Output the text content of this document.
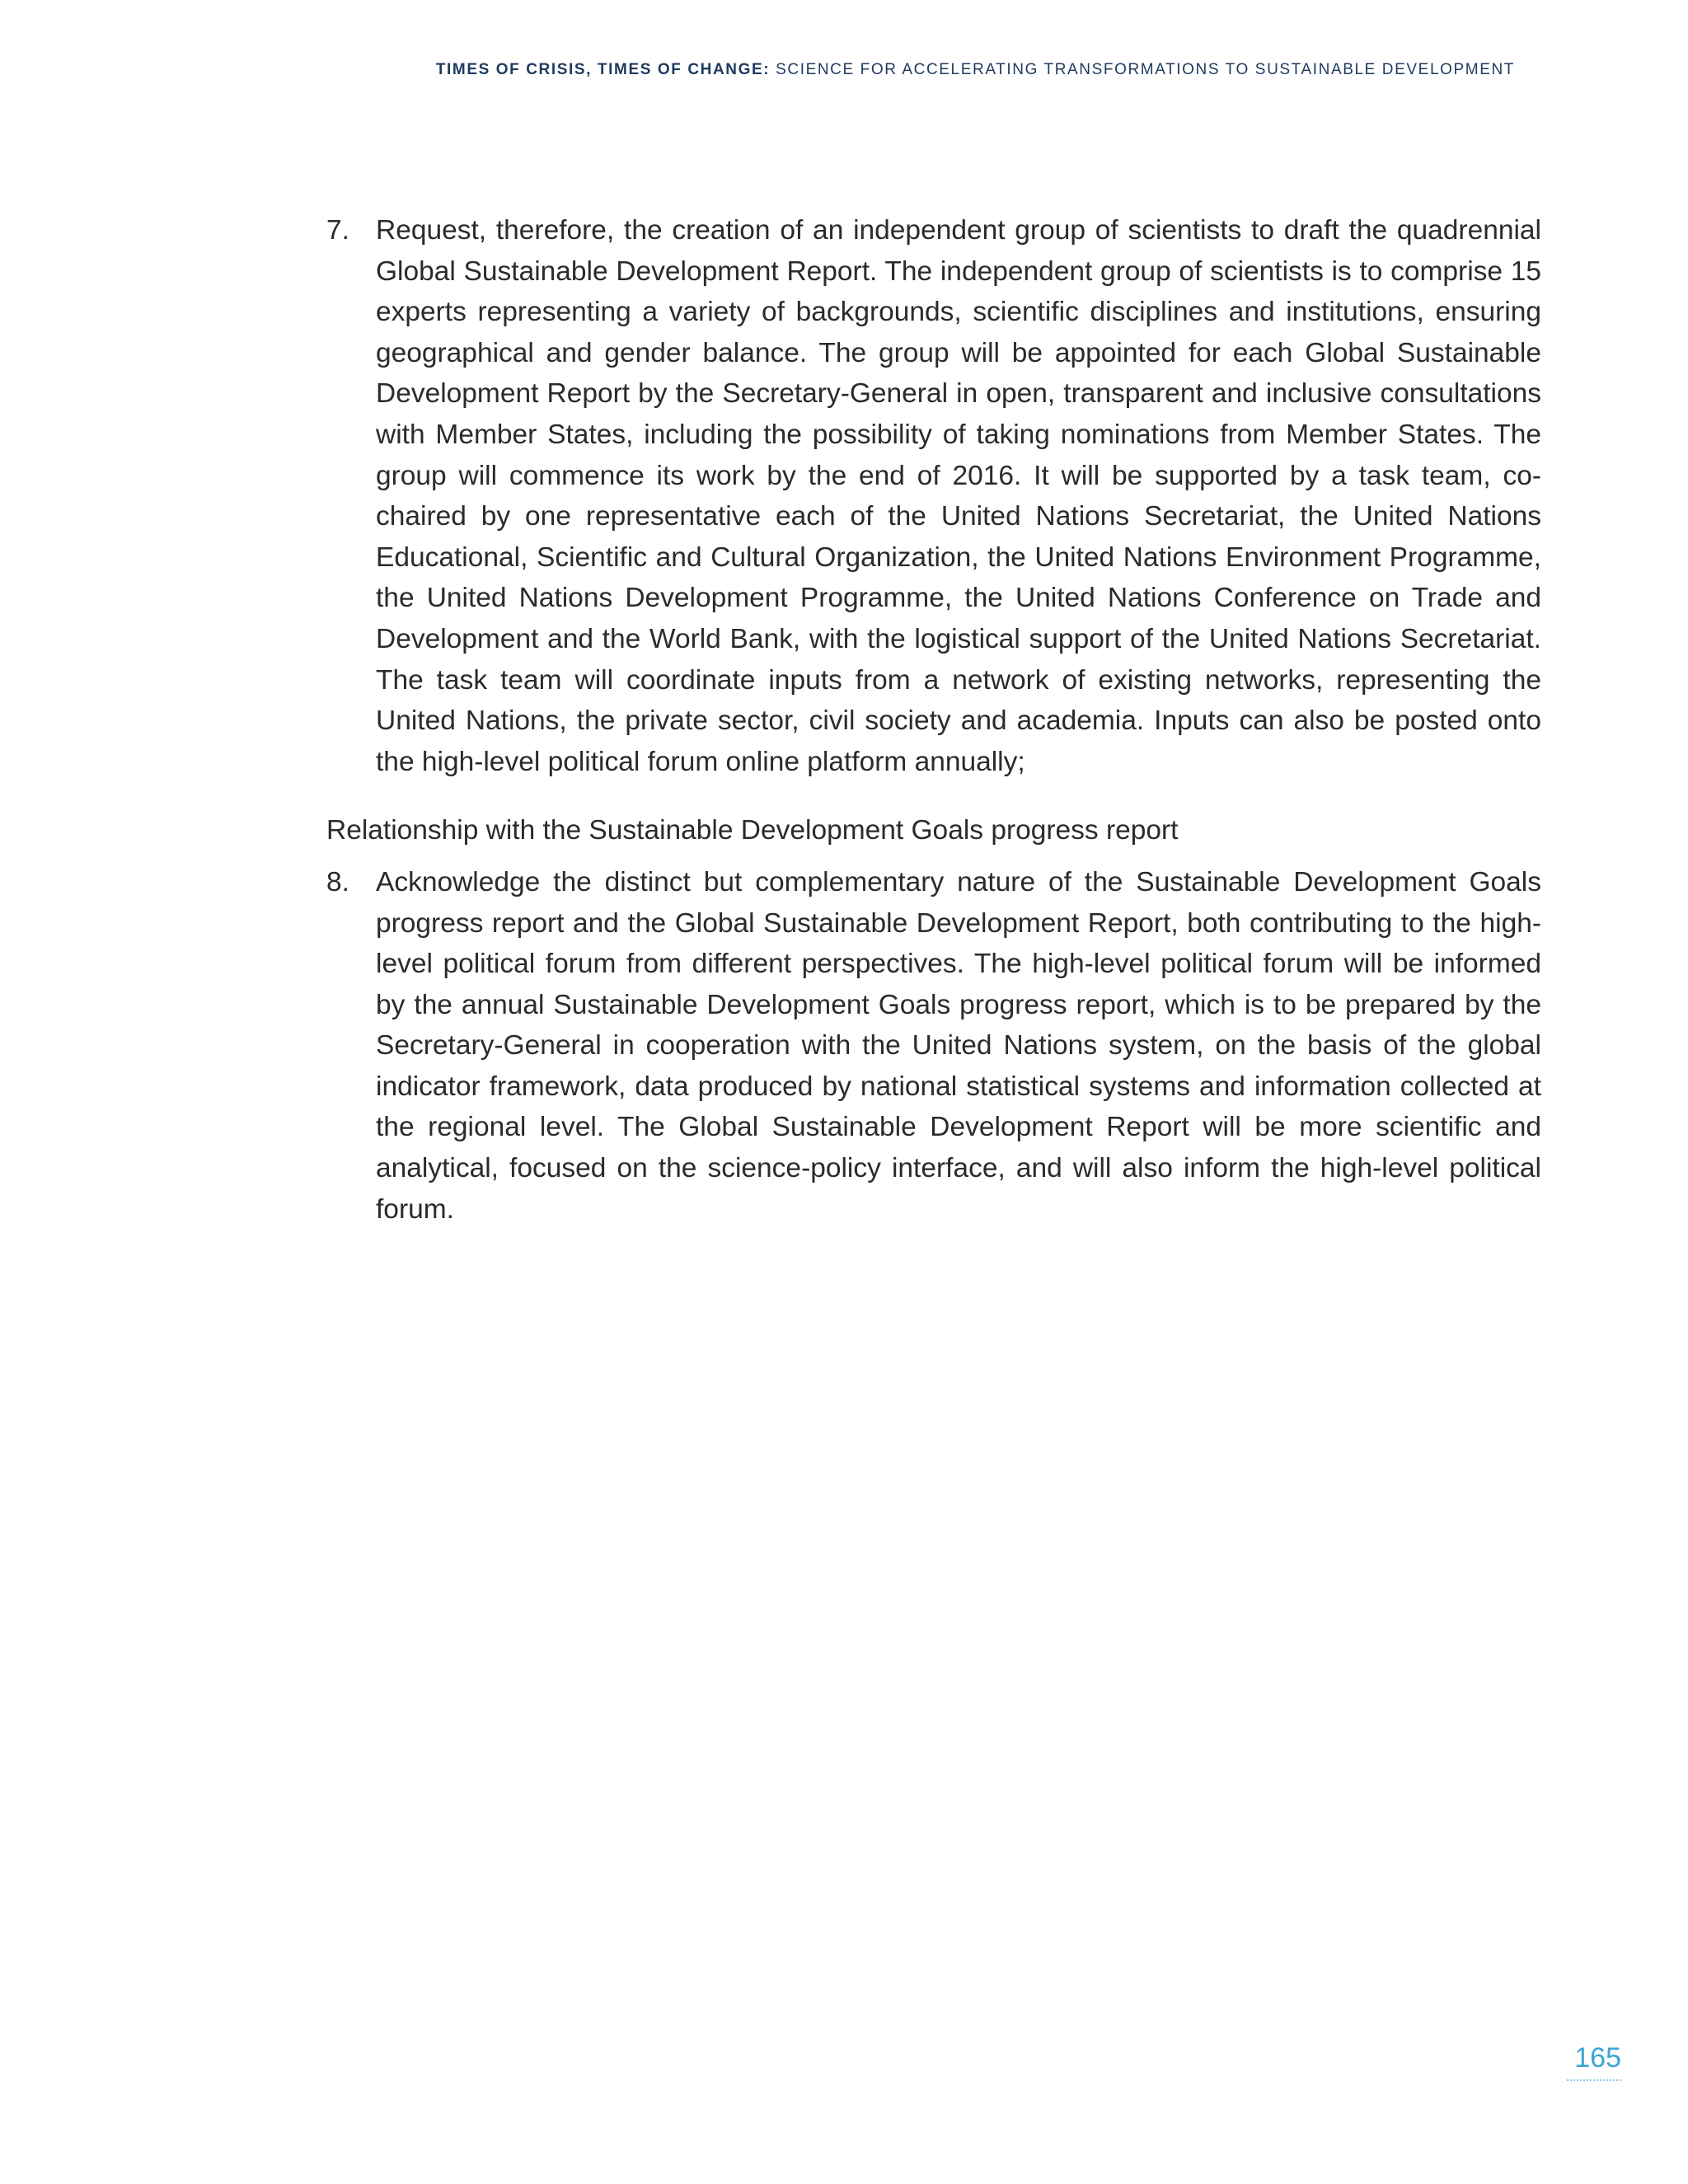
TIMES OF CRISIS, TIMES OF CHANGE: SCIENCE FOR ACCELERATING TRANSFORMATIONS TO SUSTAINABLE DEVELOPMENT
7. Request, therefore, the creation of an independent group of scientists to draft the quadrennial Global Sustainable Development Report. The independent group of scientists is to comprise 15 experts representing a variety of backgrounds, scientific disciplines and institutions, ensuring geographical and gender balance. The group will be appointed for each Global Sustainable Development Report by the Secretary-General in open, transparent and inclusive consultations with Member States, including the possibility of taking nominations from Member States. The group will commence its work by the end of 2016. It will be supported by a task team, co-chaired by one representative each of the United Nations Secretariat, the United Nations Educational, Scientific and Cultural Organization, the United Nations Environment Programme, the United Nations Development Programme, the United Nations Conference on Trade and Development and the World Bank, with the logistical support of the United Nations Secretariat. The task team will coordinate inputs from a network of existing networks, representing the United Nations, the private sector, civil society and academia. Inputs can also be posted onto the high-level political forum online platform annually;
Relationship with the Sustainable Development Goals progress report
8. Acknowledge the distinct but complementary nature of the Sustainable Development Goals progress report and the Global Sustainable Development Report, both contributing to the high-level political forum from different perspectives. The high-level political forum will be informed by the annual Sustainable Development Goals progress report, which is to be prepared by the Secretary-General in cooperation with the United Nations system, on the basis of the global indicator framework, data produced by national statistical systems and information collected at the regional level. The Global Sustainable Development Report will be more scientific and analytical, focused on the science-policy interface, and will also inform the high-level political forum.
165
